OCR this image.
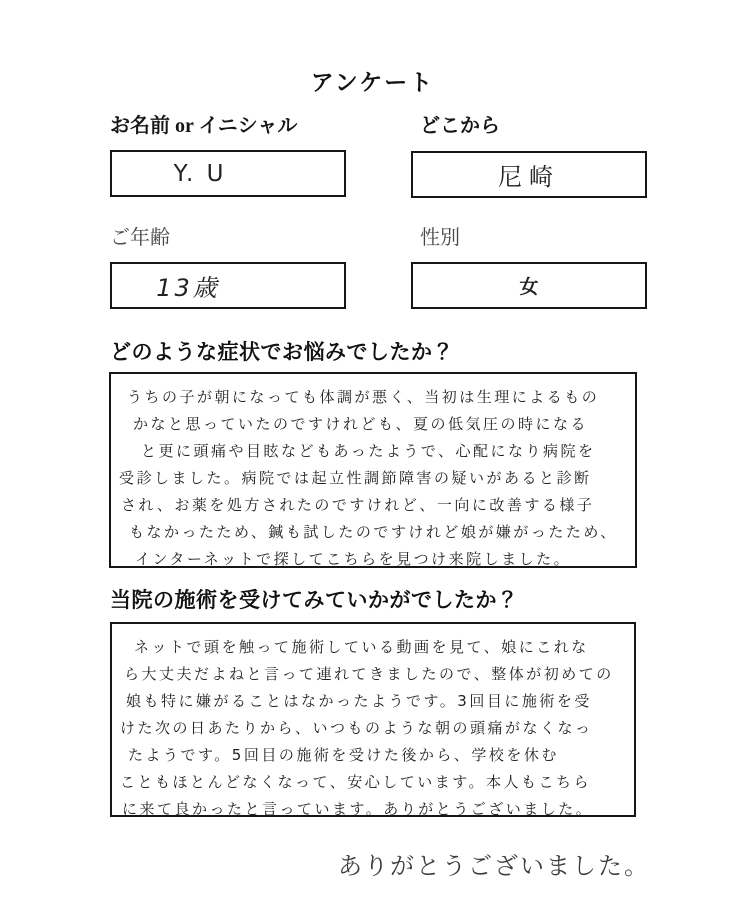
アンケート
お名前 or イニシャル	どこから
Y. U	尼崎
ご年齢	性別
13歳	女
どのような症状でお悩みでしたか？
うちの子が朝になっても体調が悪く、当初は生理によるもの
かなと思っていたのですけれども、夏の低気圧の時になる
と更に頭痛や目眩などもあったようで、心配になり病院を
受診しました。病院では起立性調節障害の疑いがあると診断
され、お薬を処方されたのですけれど、一向に改善する様子
もなかったため、鍼も試したのですけれど娘が嫌がったため、
インターネットで探してこちらを見つけ来院しました。
当院の施術を受けてみていかがでしたか？
ネットで頭を触って施術している動画を見て、娘にこれな
ら大丈夫だよねと言って連れてきましたので、整体が初めての
娘も特に嫌がることはなかったようです。3回目に施術を受
けた次の日あたりから、いつものような朝の頭痛がなくなっ
たようです。5回目の施術を受けた後から、学校を休む
こともほとんどなくなって、安心しています。本人もこちら
に来て良かったと言っています。ありがとうございました。
ありがとうございました。
